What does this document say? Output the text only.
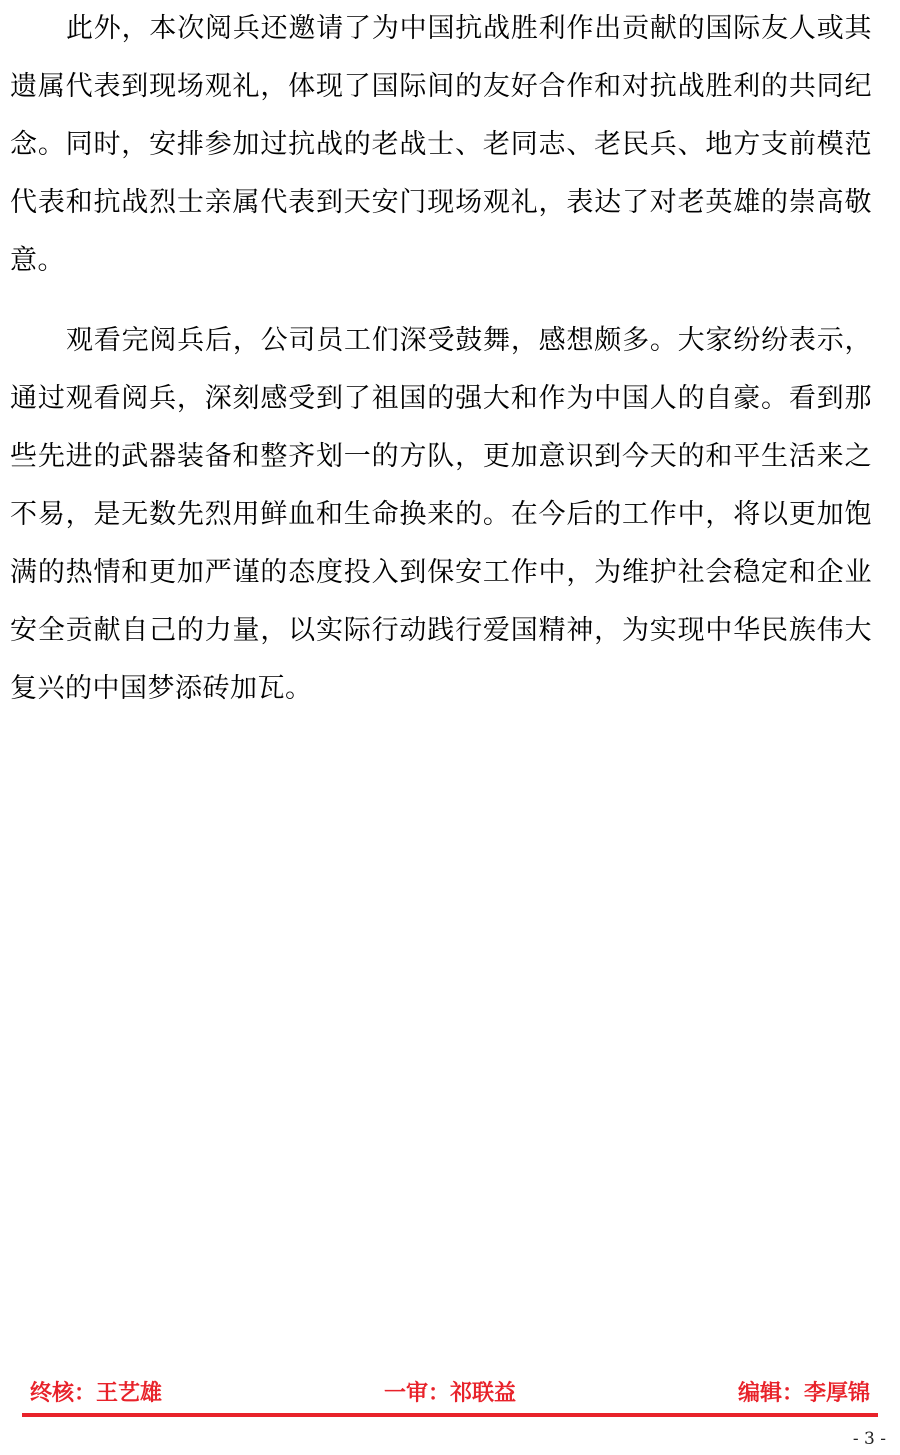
此外，本次阅兵还邀请了为中国抗战胜利作出贡献的国际友人或其遗属代表到现场观礼，体现了国际间的友好合作和对抗战胜利的共同纪念。同时，安排参加过抗战的老战士、老同志、老民兵、地方支前模范代表和抗战烈士亲属代表到天安门现场观礼，表达了对老英雄的崇高敬意。

观看完阅兵后，公司员工们深受鼓舞，感想颇多。大家纷纷表示，通过观看阅兵，深刻感受到了祖国的强大和作为中国人的自豪。看到那些先进的武器装备和整齐划一的方队，更加意识到今天的和平生活来之不易，是无数先烈用鲜血和生命换来的。在今后的工作中，将以更加饱满的热情和更加严谨的态度投入到保安工作中，为维护社会稳定和企业安全贡献自己的力量，以实际行动践行爱国精神，为实现中华民族伟大复兴的中国梦添砖加瓦。

终核：王艺雄	一审：祁联益	编辑：李厚锦
- 3 -
